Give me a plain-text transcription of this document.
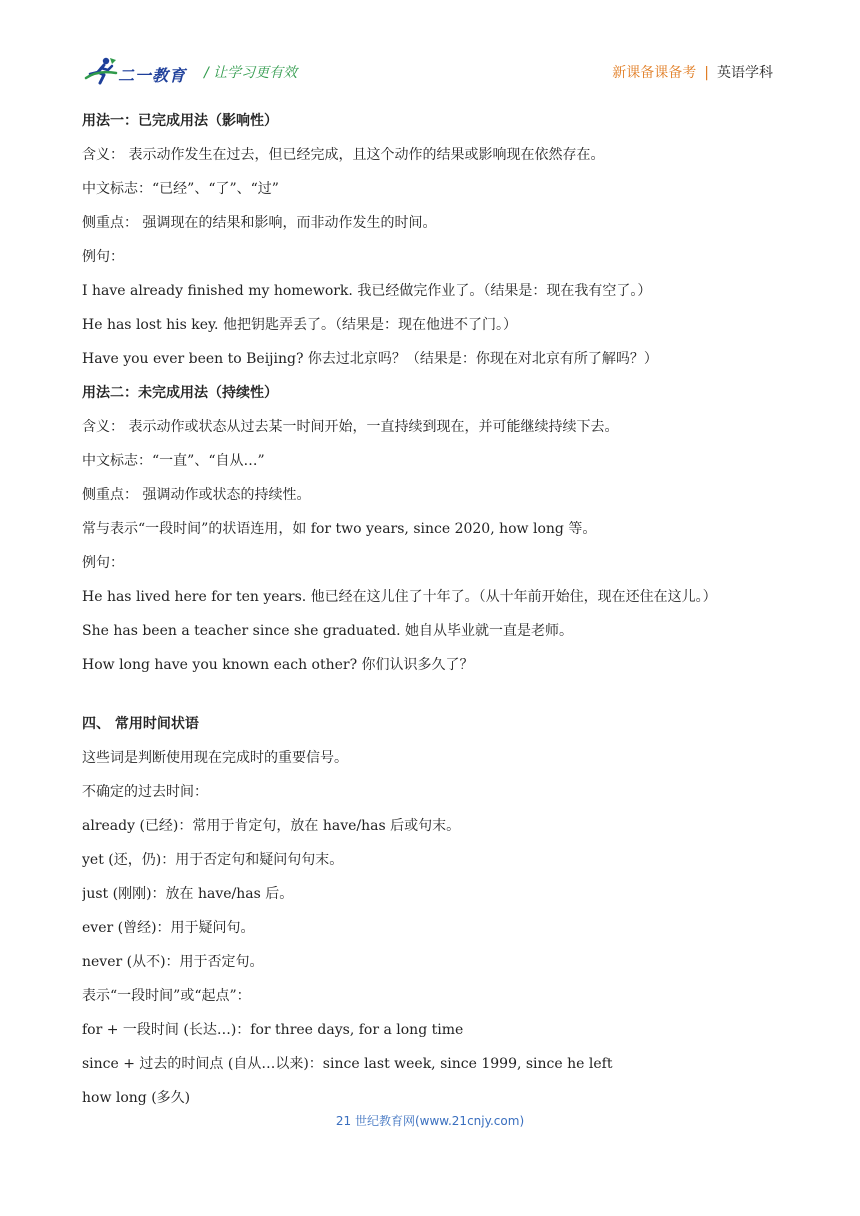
二一教育 / 让学习更有效	新课备课备考 | 英语学科
用法一：已完成用法（影响性）
含义： 表示动作发生在过去，但已经完成，且这个动作的结果或影响现在依然存在。
中文标志：“已经”、“了”、“过”
侧重点： 强调现在的结果和影响，而非动作发生的时间。
例句：
I have already finished my homework. 我已经做完作业了。（结果是：现在我有空了。）
He has lost his key. 他把钥匙弄丢了。（结果是：现在他进不了门。）
Have you ever been to Beijing? 你去过北京吗？（结果是：你现在对北京有所了解吗？）
用法二：未完成用法（持续性）
含义： 表示动作或状态从过去某一时间开始，一直持续到现在，并可能继续持续下去。
中文标志：“一直”、“自从…”
侧重点： 强调动作或状态的持续性。
常与表示“一段时间”的状语连用，如 for two years, since 2020, how long 等。
例句：
He has lived here for ten years. 他已经在这儿住了十年了。（从十年前开始住，现在还住在这儿。）
She has been a teacher since she graduated. 她自从毕业就一直是老师。
How long have you known each other? 你们认识多久了？
四、 常用时间状语
这些词是判断使用现在完成时的重要信号。
不确定的过去时间：
already (已经)：常用于肯定句，放在 have/has 后或句末。
yet (还，仍)：用于否定句和疑问句句末。
just (刚刚)：放在 have/has 后。
ever (曾经)：用于疑问句。
never (从不)：用于否定句。
表示“一段时间”或“起点”：
for + 一段时间 (长达…)：for three days, for a long time
since + 过去的时间点 (自从…以来)：since last week, since 1999, since he left
how long (多久)
21 世纪教育网(www.21cnjy.com)
